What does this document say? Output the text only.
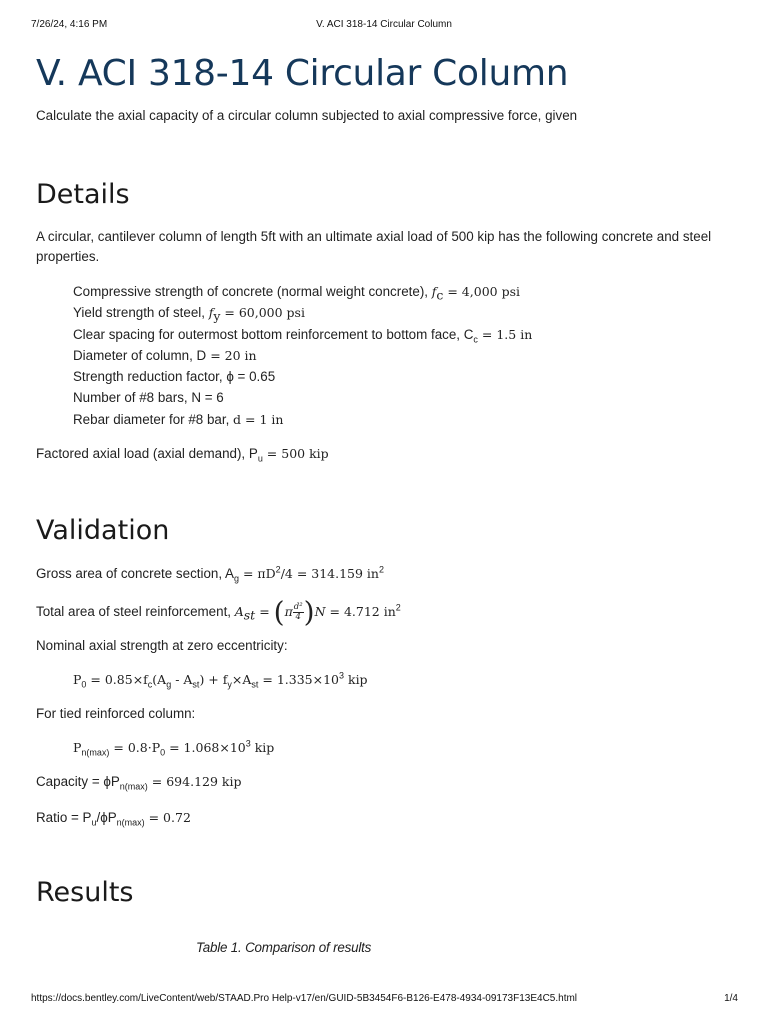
7/26/24, 4:16 PM	V. ACI 318-14 Circular Column
V. ACI 318-14 Circular Column

Calculate the axial capacity of a circular column subjected to axial compressive force, given

Details

A circular, cantilever column of length 5ft with an ultimate axial load of 500 kip has the following concrete and steel properties.

Compressive strength of concrete (normal weight concrete), $f_c = 4,000$ psi
Yield strength of steel, $f_y = 60,000$ psi
Clear spacing for outermost bottom reinforcement to bottom face, $C_c = 1.5$ in
Diameter of column, D = 20 in
Strength reduction factor, ϕ = 0.65
Number of #8 bars, N = 6
Rebar diameter for #8 bar, d = 1 in

Factored axial load (axial demand), $P_u = 500$ kip

Validation

Gross area of concrete section, $A_g = \pi D^2/4 = 314.159$ $in^2$

Total area of steel reinforcement, $A_{st} = (\pi \frac{\text{d²}}{4} )N = 4.712$ $in^2$

Nominal axial strength at zero eccentricity:

$P_0 = 0.85\times f_c(A_g - A_{st}) + f_y\times A_{st} = 1.335\times 10^3$ kip

For tied reinforced column:

$P_{n(max)} = 0.8\cdot P_0 = 1.068\times 10^3$ kip

Capacity = $\phi P_{n(max)} = 694.129$ kip

Ratio = $P_u/\phi P_{n(max)} = 0.72$

Results
Table 1. Comparison of results
https://docs.bentley.com/LiveContent/web/STAAD.Pro Help-v17/en/GUID-5B3454F6-B126-E478-4934-09173F13E4C5.html	1/4
